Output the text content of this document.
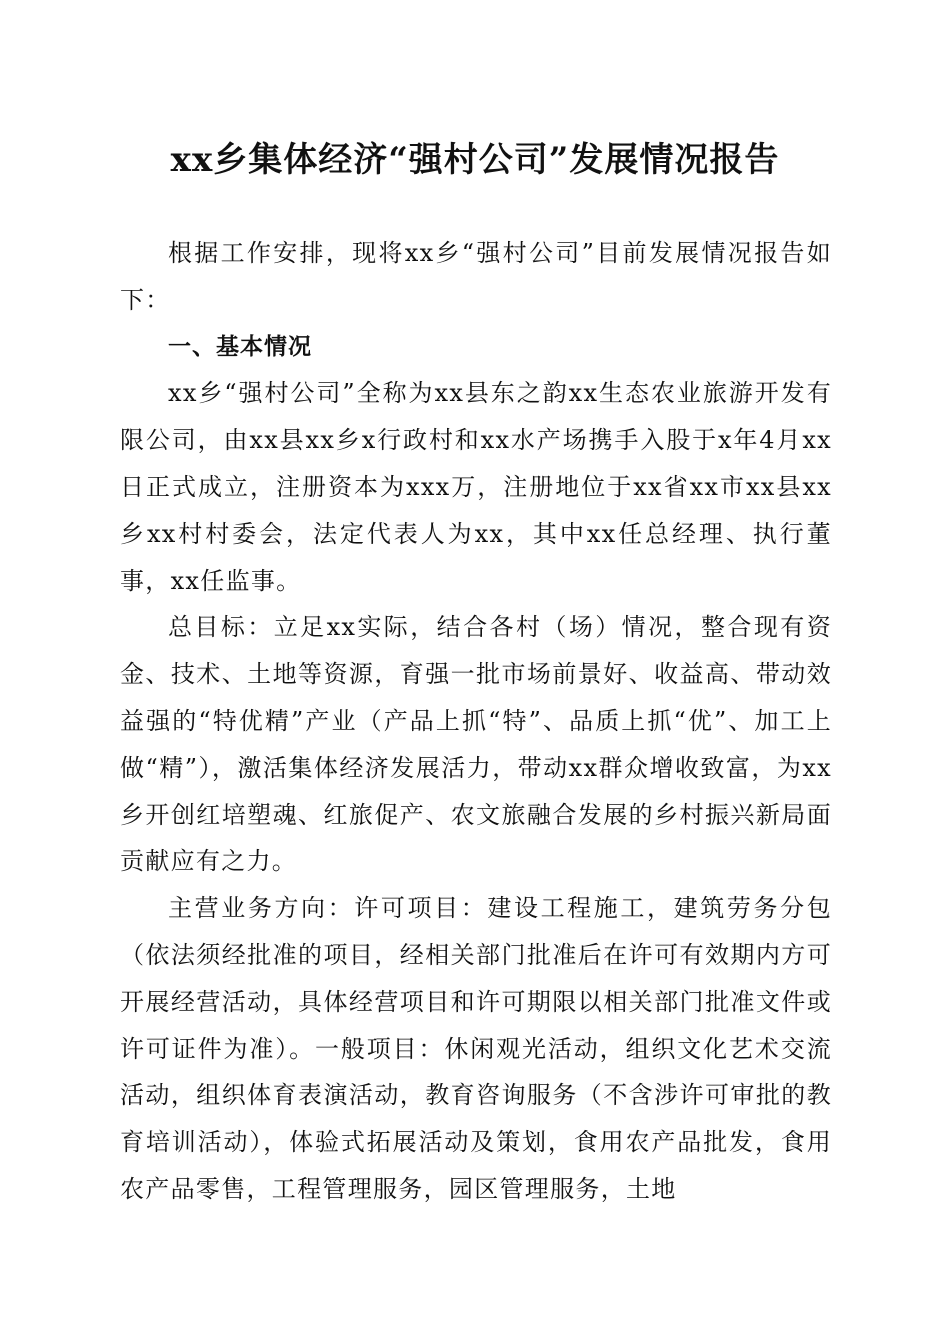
xx乡集体经济“强村公司”发展情况报告

根据工作安排，现将xx乡“强村公司”目前发展情况报告如下：

一、基本情况

xx乡“强村公司”全称为xx县东之韵xx生态农业旅游开发有限公司，由xx县xx乡x行政村和xx水产场携手入股于x年4月xx日正式成立，注册资本为xxx万，注册地位于xx省xx市xx县xx乡xx村村委会，法定代表人为xx，其中xx任总经理、执行董事，xx任监事。

总目标：立足xx实际，结合各村（场）情况，整合现有资金、技术、土地等资源，育强一批市场前景好、收益高、带动效益强的“特优精”产业（产品上抓“特”、品质上抓“优”、加工上做“精”），激活集体经济发展活力，带动xx群众增收致富，为xx乡开创红培塑魂、红旅促产、农文旅融合发展的乡村振兴新局面贡献应有之力。

主营业务方向：许可项目：建设工程施工，建筑劳务分包（依法须经批准的项目，经相关部门批准后在许可有效期内方可开展经营活动，具体经营项目和许可期限以相关部门批准文件或许可证件为准）。一般项目：休闲观光活动，组织文化艺术交流活动，组织体育表演活动，教育咨询服务（不含涉许可审批的教育培训活动），体验式拓展活动及策划，食用农产品批发，食用农产品零售，工程管理服务，园区管理服务，土地
